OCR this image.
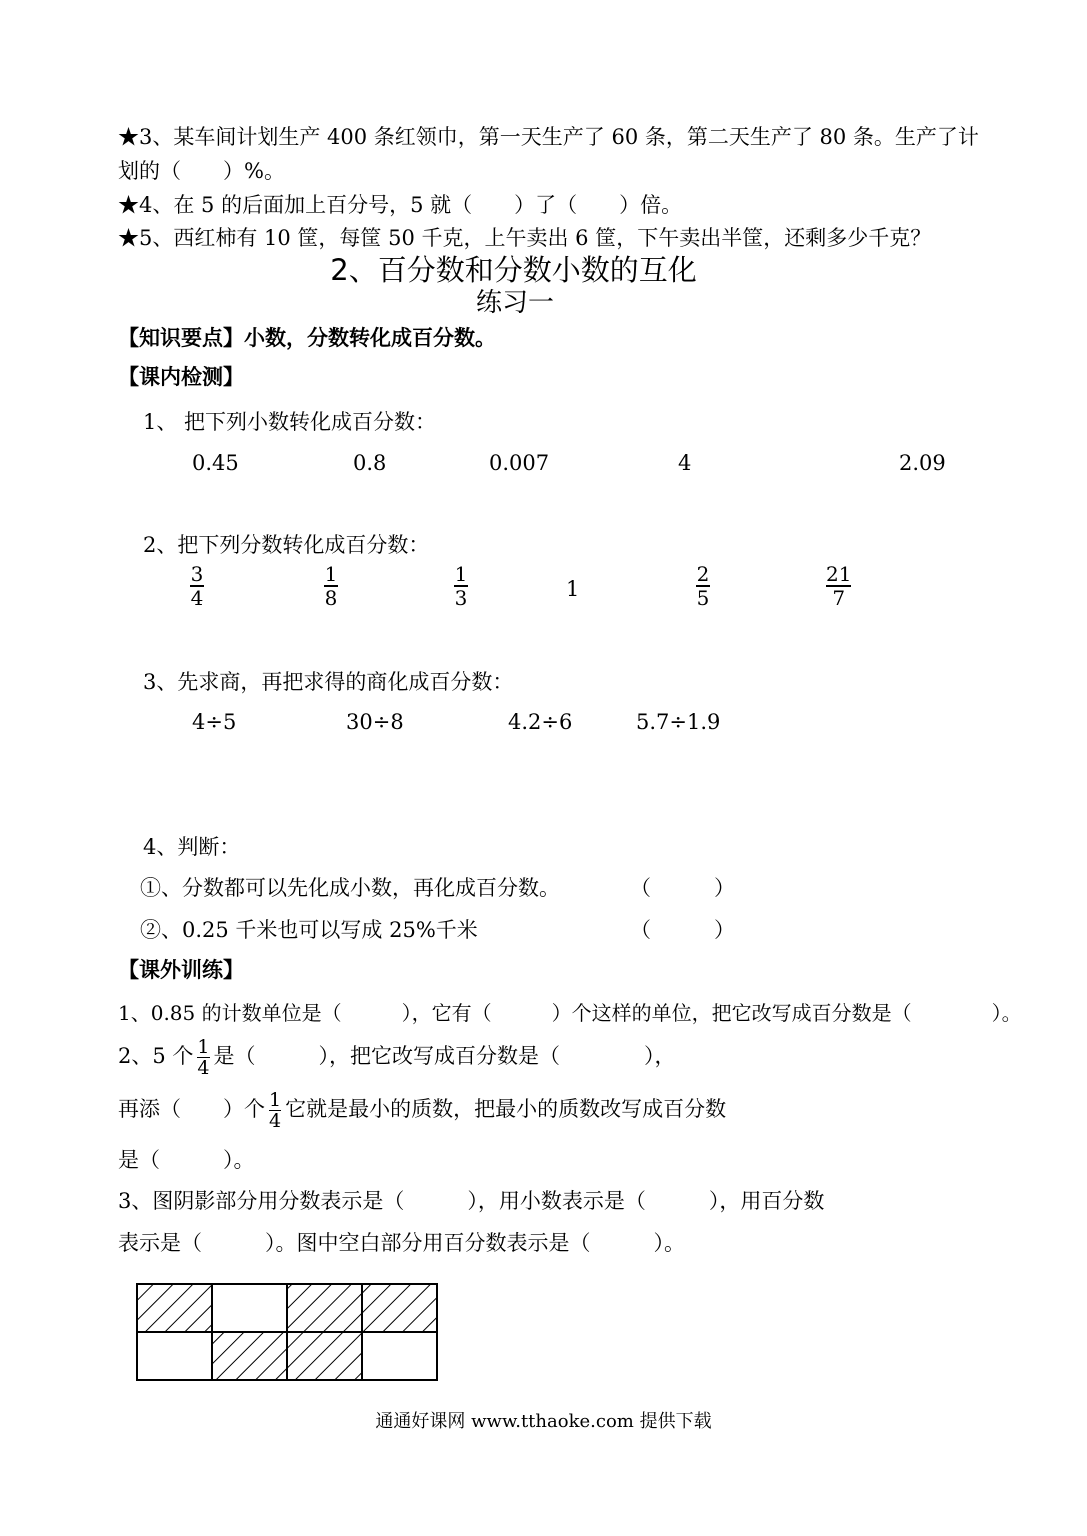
★3、某车间计划生产 400 条红领巾，第一天生产了 60 条，第二天生产了 80 条。生产了计
划的（　　）%。
★4、在 5 的后面加上百分号，5 就（　　）了（　　）倍。
★5、西红柿有 10 筐，每筐 50 千克，上午卖出 6 筐，下午卖出半筐，还剩多少千克？
2、百分数和分数小数的互化
练习一
【知识要点】小数，分数转化成百分数。
【课内检测】
1、 把下列小数转化成百分数：
0.45	0.8	0.007	4	2.09
2、把下列分数转化成百分数：
3
4
1
8
1
3	1
2
5
21
7
3、先求商，再把求得的商化成百分数：
4÷5	30÷8	4.2÷6	5.7÷1.9
4、判断：
①、分数都可以先化成小数，再化成百分数。	（　　　）
②、0.25 千米也可以写成 25%千米	（　　　）
【课外训练】
1、0.85 的计数单位是（　　　），它有（　　　）个这样的单位，把它改写成百分数是（　　　　）。
2、5 个 $\frac{1}{4}$ 是（　　　），把它改写成百分数是（　　　　），
再添（　　）个 $\frac{1}{4}$ 它就是最小的质数，把最小的质数改写成百分数
是（　　　）。
3、图阴影部分用分数表示是（　　　），用小数表示是（　　　），用百分数
表示是（　　　）。图中空白部分用百分数表示是（　　　）。
通通好课网 www.tthaoke.com 提供下载
